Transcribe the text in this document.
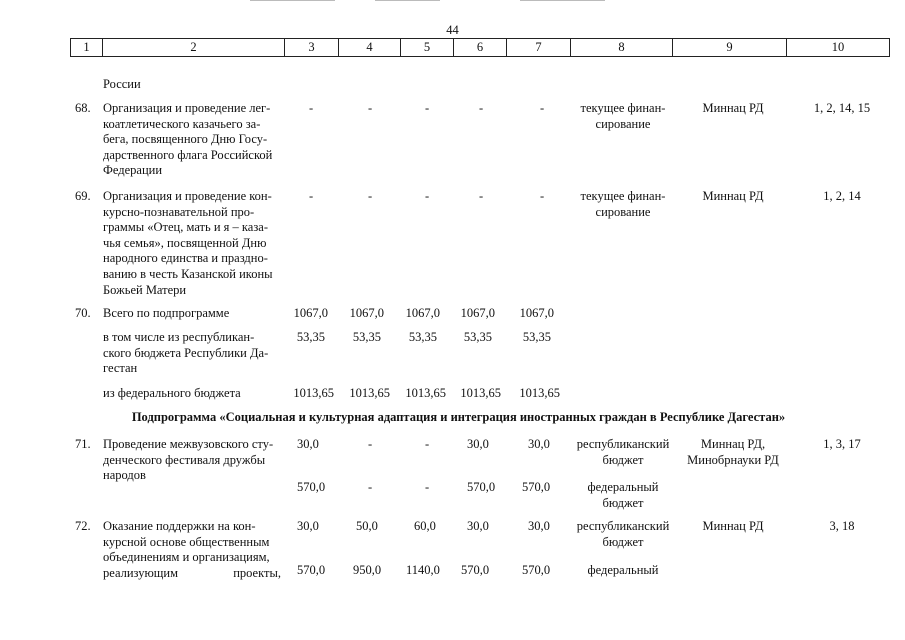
44
1	2	3	4	5	6	7	8	9	10
России
68. Организация и проведение лег-
коатлетического казачьего за-
бега, посвященного Дню Госу-
дарственного флага Российской
Федерации
-	-	-	-	-	текущее финан-
сирование
Миннац РД	1, 2, 14, 15
69. Организация и проведение кон-
курсно-познавательной про-
граммы «Отец, мать и я – каза-
чья семья», посвященной Дню
народного единства и праздно-
ванию в честь Казанской иконы
Божьей Матери
-	-	-	-	-	текущее финан-
сирование
Миннац РД	1, 2, 14
70. Всего по подпрограмме	1067,0	1067,0	1067,0	1067,0	1067,0
в том числе из республикан-
ского бюджета Республики Да-
гестан
53,35	53,35	53,35	53,35	53,35
из федерального бюджета	1013,65	1013,65	1013,65	1013,65	1013,65
Подпрограмма «Социальная и культурная адаптация и интеграция иностранных граждан в Республике Дагестан»
71. Проведение межвузовского сту-
денческого фестиваля дружбы
народов
30,0	-	-	30,0	30,0	республиканский
бюджет
Миннац РД,
Минобрнауки РД
1, 3, 17
570,0	-	-	570,0 570,0	федеральный
бюджет
72. Оказание поддержки на кон-
курсной основе общественным
объединениям и организациям,
реализующим проекты,
30,0	50,0	60,0 30,0	30,0	республиканский
бюджет
Миннац РД	3, 18
570,0 950,0 1140,0 570,0	570,0	федеральный
